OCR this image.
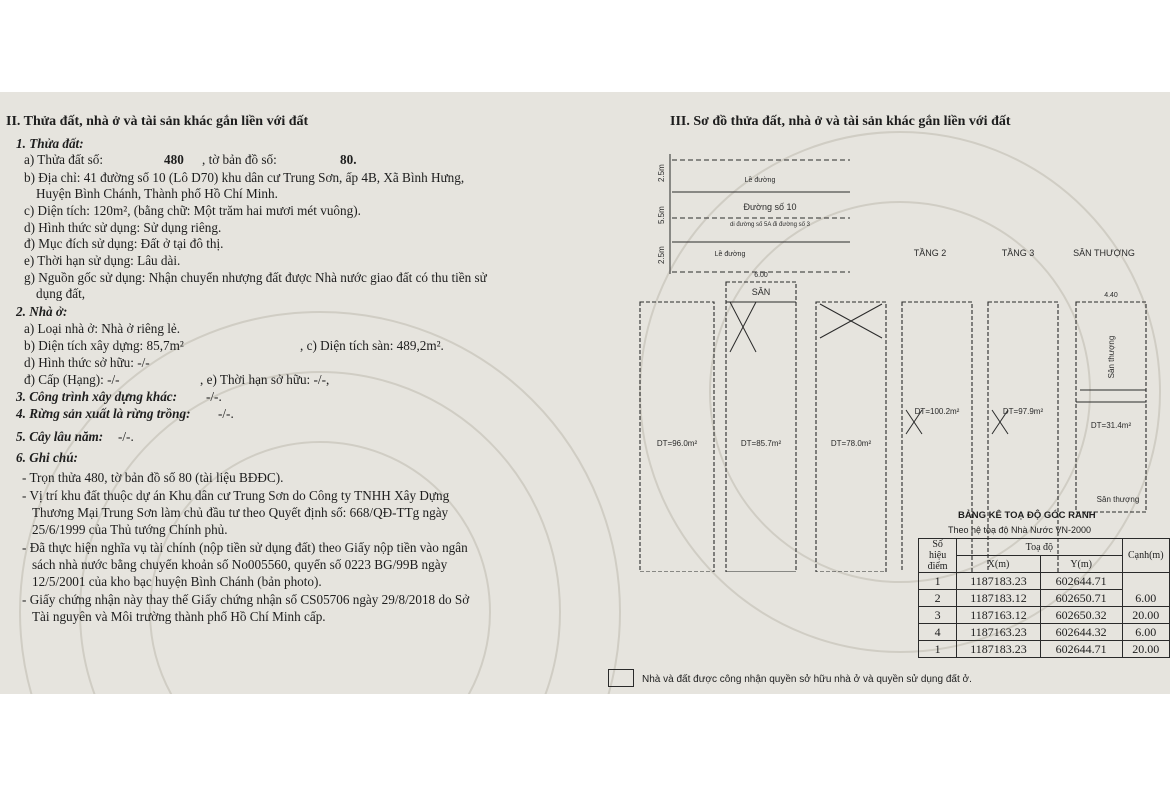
II. Thửa đất, nhà ở và tài sản khác gắn liền với đất
1. Thửa đất:
a) Thửa đất số:	480 , tờ bản đồ số:	80.
b) Địa chỉ: 41 đường số 10 (Lô D70) khu dân cư Trung Sơn, ấp 4B, Xã Bình Hưng,
Huyện Bình Chánh, Thành phố Hồ Chí Minh.
c) Diện tích: 120m², (bằng chữ: Một trăm hai mươi mét vuông).
d) Hình thức sử dụng: Sử dụng riêng.
đ) Mục đích sử dụng: Đất ở tại đô thị.
e) Thời hạn sử dụng: Lâu dài.
g) Nguồn gốc sử dụng: Nhận chuyển nhượng đất được Nhà nước giao đất có thu tiền sử
dụng đất,
2. Nhà ở:
a) Loại nhà ở: Nhà ở riêng lẻ.
b) Diện tích xây dựng: 85,7m²	, c) Diện tích sàn: 489,2m².
d) Hình thức sở hữu: -/-
đ) Cấp (Hạng): -/-	, e) Thời hạn sở hữu: -/-,
3. Công trình xây dựng khác: -/-.
4. Rừng sản xuất là rừng trồng: -/-.
5. Cây lâu năm: -/-.
6. Ghi chú:
- Trọn thửa 480, tờ bản đồ số 80 (tài liệu BĐĐC).
- Vị trí khu đất thuộc dự án Khu dân cư Trung Sơn do Công ty TNHH Xây Dựng
Thương Mại Trung Sơn làm chủ đầu tư theo Quyết định số: 668/QĐ-TTg ngày
25/6/1999 của Thủ tướng Chính phủ.
- Đã thực hiện nghĩa vụ tài chính (nộp tiền sử dụng đất) theo Giấy nộp tiền vào ngân
sách nhà nước bằng chuyển khoản số No005560, quyển số 0223 BG/99B ngày
12/5/2001 của kho bạc huyện Bình Chánh (bản photo).
- Giấy chứng nhận này thay thế Giấy chứng nhận số CS05706 ngày 29/8/2018 do Sở
Tài nguyên và Môi trường thành phố Hồ Chí Minh cấp.
III. Sơ đồ thửa đất, nhà ở và tài sản khác gắn liền với đất
2.5m
5.5m
2.5m
Lề đường
Đường số 10
di đường số 5A đi đường số 3
Lề đường	TẦNG 2	TẦNG 3	SÂN THƯỢNG
SÂN
DT=96.0m²	DT=85.7m²	DT=78.0m²
DT=100.2m²	DT=97.9m²
DT=31.4m²
Sân thượng
Sân thượng
6.00
4.40
BẢNG KÊ TOẠ ĐỘ GÓC RANH
Theo hệ toạ độ Nhà Nước VN-2000
Số hiệu điểm	Toạ độ		Cạnh(m)
	X(m)	Y(m)	
1	1187183.23	602644.71	6.00
2	1187183.12	602650.71	
3	1187163.12	602650.32	20.00
4	1187163.23	602644.32	6.00
1	1187183.23	602644.71	20.00
Nhà và đất được công nhận quyền sở hữu nhà ở và quyền sử dụng đất ở.
